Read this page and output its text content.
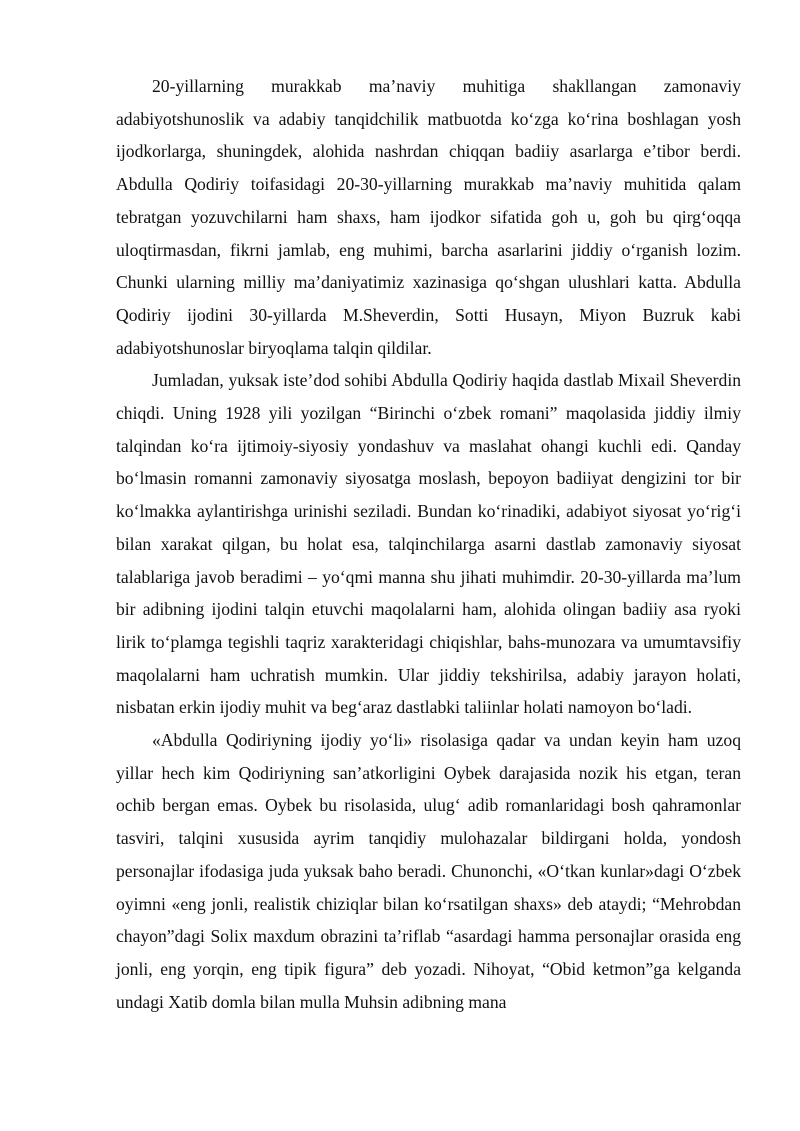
20-yillarning murakkab ma’naviy muhitiga shakllangan zamonaviy adabiyotshunoslik va adabiy tanqidchilik matbuotda ko‘zga ko‘rina boshlagan yosh ijodkorlarga, shuningdek, alohida nashrdan chiqqan badiiy asarlarga e’tibor berdi. Abdulla Qodiriy toifasidagi 20-30-yillarning murakkab ma’naviy muhitida qalam tebratgan yozuvchilarni ham shaxs, ham ijodkor sifatida goh u, goh bu qirg‘oqqa uloqtirmasdan, fikrni jamlab, eng muhimi, barcha asarlarini jiddiy o‘rganish lozim. Chunki ularning milliy ma’daniyatimiz xazinasiga qo‘shgan ulushlari katta. Abdulla Qodiriy ijodini 30-yillarda M.Sheverdin, Sotti Husayn, Miyon Buzruk kabi adabiyotshunoslar biryoqlama talqin qildilar.

Jumladan, yuksak iste’dod sohibi Abdulla Qodiriy haqida dastlab Mixail Sheverdin chiqdi. Uning 1928 yili yozilgan “Birinchi o‘zbek romani” maqolasida jiddiy ilmiy talqindan ko‘ra ijtimoiy-siyosiy yondashuv va maslahat ohangi kuchli edi. Qanday bo‘lmasin romanni zamonaviy siyosatga moslash, bepoyon badiiyat dengizini tor bir ko‘lmakka aylantirishga urinishi seziladi. Bundan ko‘rinadiki, adabiyot siyosat yo‘rig‘i bilan xarakat qilgan, bu holat esa, talqinchilarga asarni dastlab zamonaviy siyosat talablariga javob beradimi – yo‘qmi manna shu jihati muhimdir. 20-30-yillarda ma’lum bir adibning ijodini talqin etuvchi maqolalarni ham, alohida olingan badiiy asa ryoki lirik to‘plamga tegishli taqriz xarakteridagi chiqishlar, bahs-munozara va umumtavsifiy maqolalarni ham uchratish mumkin. Ular jiddiy tekshirilsa, adabiy jarayon holati, nisbatan erkin ijodiy muhit va beg‘araz dastlabki taliinlar holati namoyon bo‘ladi.

«Abdulla Qodiriyning ijodiy yo‘li» risolasiga qadar va undan keyin ham uzoq yillar hech kim Qodiriyning san’atkorligini Oybek darajasida nozik his etgan, teran ochib bergan emas. Oybek bu risolasida, ulug‘ adib romanlaridagi bosh qahramonlar tasviri, talqini xususida ayrim tanqidiy mulohazalar bildirgani holda, yondosh personajlar ifodasiga juda yuksak baho beradi. Chunonchi, «O‘tkan kunlar»dagi O‘zbek oyimni «eng jonli, realistik chiziqlar bilan ko‘rsatilgan shaxs» deb ataydi; “Mehrobdan chayon”dagi Solix maxdum obrazini ta’riflab “asardagi hamma personajlar orasida eng jonli, eng yorqin, eng tipik figura” deb yozadi. Nihoyat, “Obid ketmon”ga kelganda undagi Xatib domla bilan mulla Muhsin adibning mana
